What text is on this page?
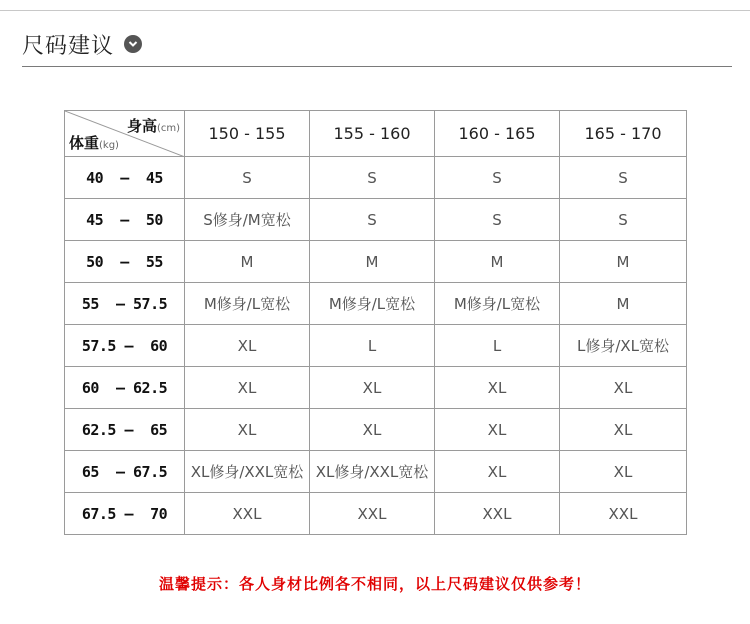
尺码建议
身高(cm)
体重(kg)	150 - 155	155 - 160	160 - 165	165 - 170
40  –  45	S	S	S	S
45  –  50	S修身/M宽松	S	S	S
50  –  55	M	M	M	M
55  – 57.5	M修身/L宽松	M修身/L宽松	M修身/L宽松	M
57.5 –  60	XL	L	L	L修身/XL宽松
60  – 62.5	XL	XL	XL	XL
62.5 –  65	XL	XL	XL	XL
65  – 67.5	XL修身/XXL宽松	XL修身/XXL宽松	XL	XL
67.5 –  70	XXL	XXL	XXL	XXL
温馨提示：各人身材比例各不相同，以上尺码建议仅供参考！
